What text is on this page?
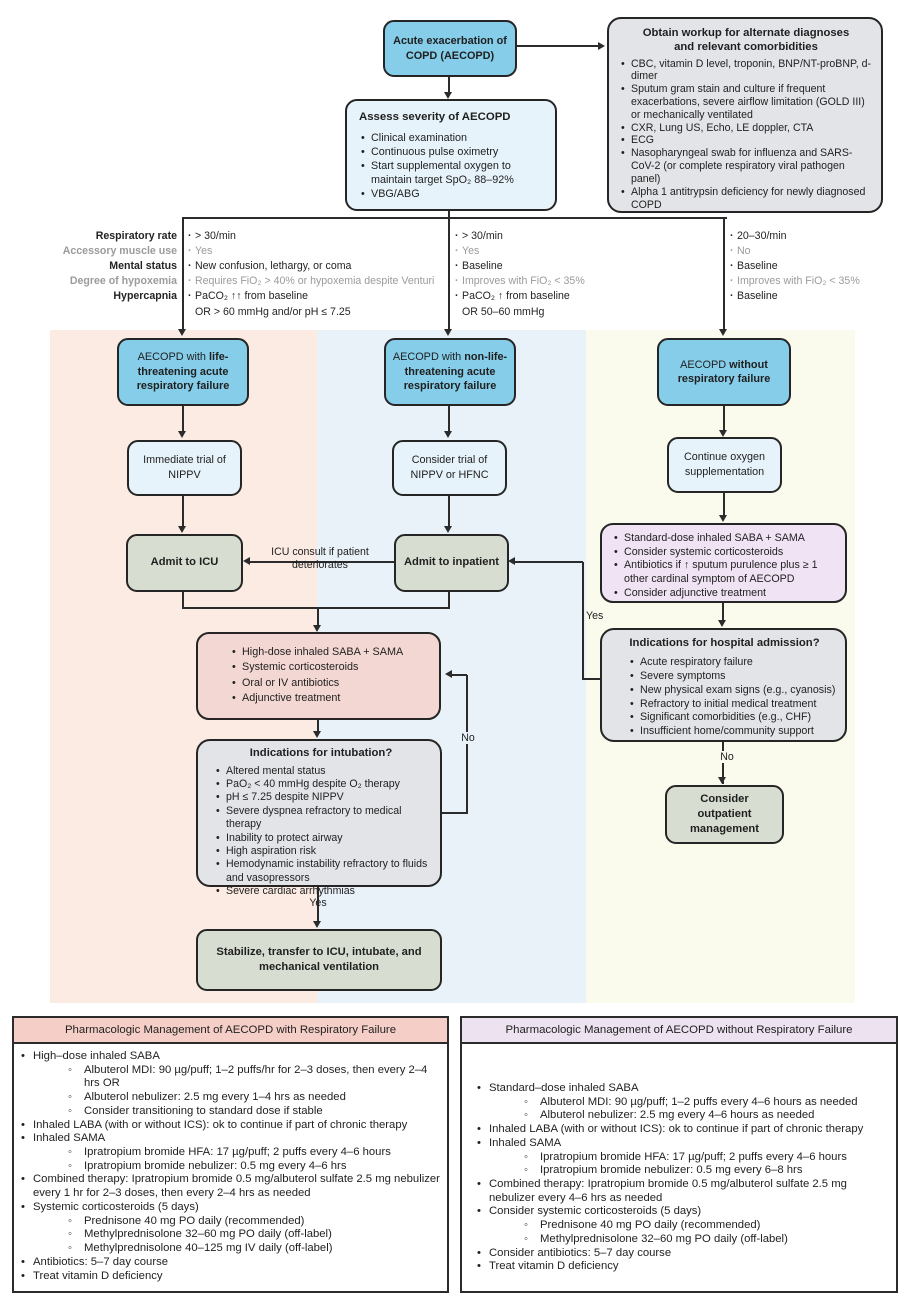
ICU consult if patient
deteriorates
Yes
No
Yes
No
Respiratory rate
Accessory muscle use
Mental status
Degree of hypoxemia
Hypercapnia
· > 30/min
· Yes
· New confusion, lethargy, or coma
· Requires FiO₂ > 40% or hypoxemia despite Venturi
· PaCO₂ ↑↑ from baseline
OR > 60 mmHg and/or pH ≤ 7.25
· > 30/min
· Yes
· Baseline
· Improves with FiO₂ < 35%
· PaCO₂ ↑ from baseline
OR 50–60 mmHg
· 20–30/min
· No
· Baseline
· Improves with FiO₂ < 35%
· Baseline
Acute exacerbation of COPD (AECOPD)
Obtain workup for alternate diagnoses
and relevant comorbidities
• CBC, vitamin D level, troponin, BNP/NT-proBNP, d-dimer
• Sputum gram stain and culture if frequent exacerbations, severe airflow limitation (GOLD III) or mechanically ventilated
• CXR, Lung US, Echo, LE doppler, CTA
• ECG
• Nasopharyngeal swab for influenza and SARS-CoV-2 (or complete respiratory viral pathogen panel)
• Alpha 1 antitrypsin deficiency for newly diagnosed COPD
Assess severity of AECOPD
• Clinical examination
• Continuous pulse oximetry
• Start supplemental oxygen to maintain target SpO₂ 88–92%
• VBG/ABG
AECOPD with life-threatening acute respiratory failure
AECOPD with non-life-threatening acute respiratory failure
AECOPD without respiratory failure
Immediate trial of NIPPV
Consider trial of NIPPV or HFNC
Continue oxygen supplementation
Admit to ICU	Admit to inpatient
• Standard-dose inhaled SABA + SAMA
• Consider systemic corticosteroids
• Antibiotics if ↑ sputum purulence plus ≥ 1 other cardinal symptom of AECOPD
• Consider adjunctive treatment
Indications for hospital admission?
• Acute respiratory failure
• Severe symptoms
• New physical exam signs (e.g., cyanosis)
• Refractory to initial medical treatment
• Significant comorbidities (e.g., CHF)
• Insufficient home/community support
• High-dose inhaled SABA + SAMA
• Systemic corticosteroids
• Oral or IV antibiotics
• Adjunctive treatment
Indications for intubation?
• Altered mental status
• PaO₂ < 40 mmHg despite O₂ therapy
• pH ≤ 7.25 despite NIPPV
• Severe dyspnea refractory to medical therapy
• Inability to protect airway
• High aspiration risk
• Hemodynamic instability refractory to fluids and vasopressors
• Severe cardiac arrhythmias
Consider outpatient management
Stabilize, transfer to ICU, intubate, and mechanical ventilation
Pharmacologic Management of AECOPD with Respiratory Failure
• High–dose inhaled SABA
◦ Albuterol MDI: 90 µg/puff; 1–2 puffs/hr for 2–3 doses, then every 2–4 hrs OR
◦ Albuterol nebulizer: 2.5 mg every 1–4 hrs as needed
◦ Consider transitioning to standard dose if stable
• Inhaled LABA (with or without ICS): ok to continue if part of chronic therapy
• Inhaled SAMA
◦ Ipratropium bromide HFA: 17 µg/puff; 2 puffs every 4–6 hours
◦ Ipratropium bromide nebulizer: 0.5 mg every 4–6 hrs
• Combined therapy: Ipratropium bromide 0.5 mg/albuterol sulfate 2.5 mg nebulizer every 1 hr for 2–3 doses, then every 2–4 hrs as needed
• Systemic corticosteroids (5 days)
◦ Prednisone 40 mg PO daily (recommended)
◦ Methylprednisolone 32–60 mg PO daily (off-label)
◦ Methylprednisolone 40–125 mg IV daily (off-label)
• Antibiotics: 5–7 day course
• Treat vitamin D deficiency
Pharmacologic Management of AECOPD without Respiratory Failure
• Standard–dose inhaled SABA
◦ Albuterol MDI: 90 µg/puff; 1–2 puffs every 4–6 hours as needed
◦ Albuterol nebulizer: 2.5 mg every 4–6 hours as needed
• Inhaled LABA (with or without ICS): ok to continue if part of chronic therapy
• Inhaled SAMA
◦ Ipratropium bromide HFA: 17 µg/puff; 2 puffs every 4–6 hours
◦ Ipratropium bromide nebulizer: 0.5 mg every 6–8 hrs
• Combined therapy: Ipratropium bromide 0.5 mg/albuterol sulfate 2.5 mg nebulizer every 4–6 hrs as needed
• Consider systemic corticosteroids (5 days)
◦ Prednisone 40 mg PO daily (recommended)
◦ Methylprednisolone 32–60 mg PO daily (off-label)
• Consider antibiotics: 5–7 day course
• Treat vitamin D deficiency
